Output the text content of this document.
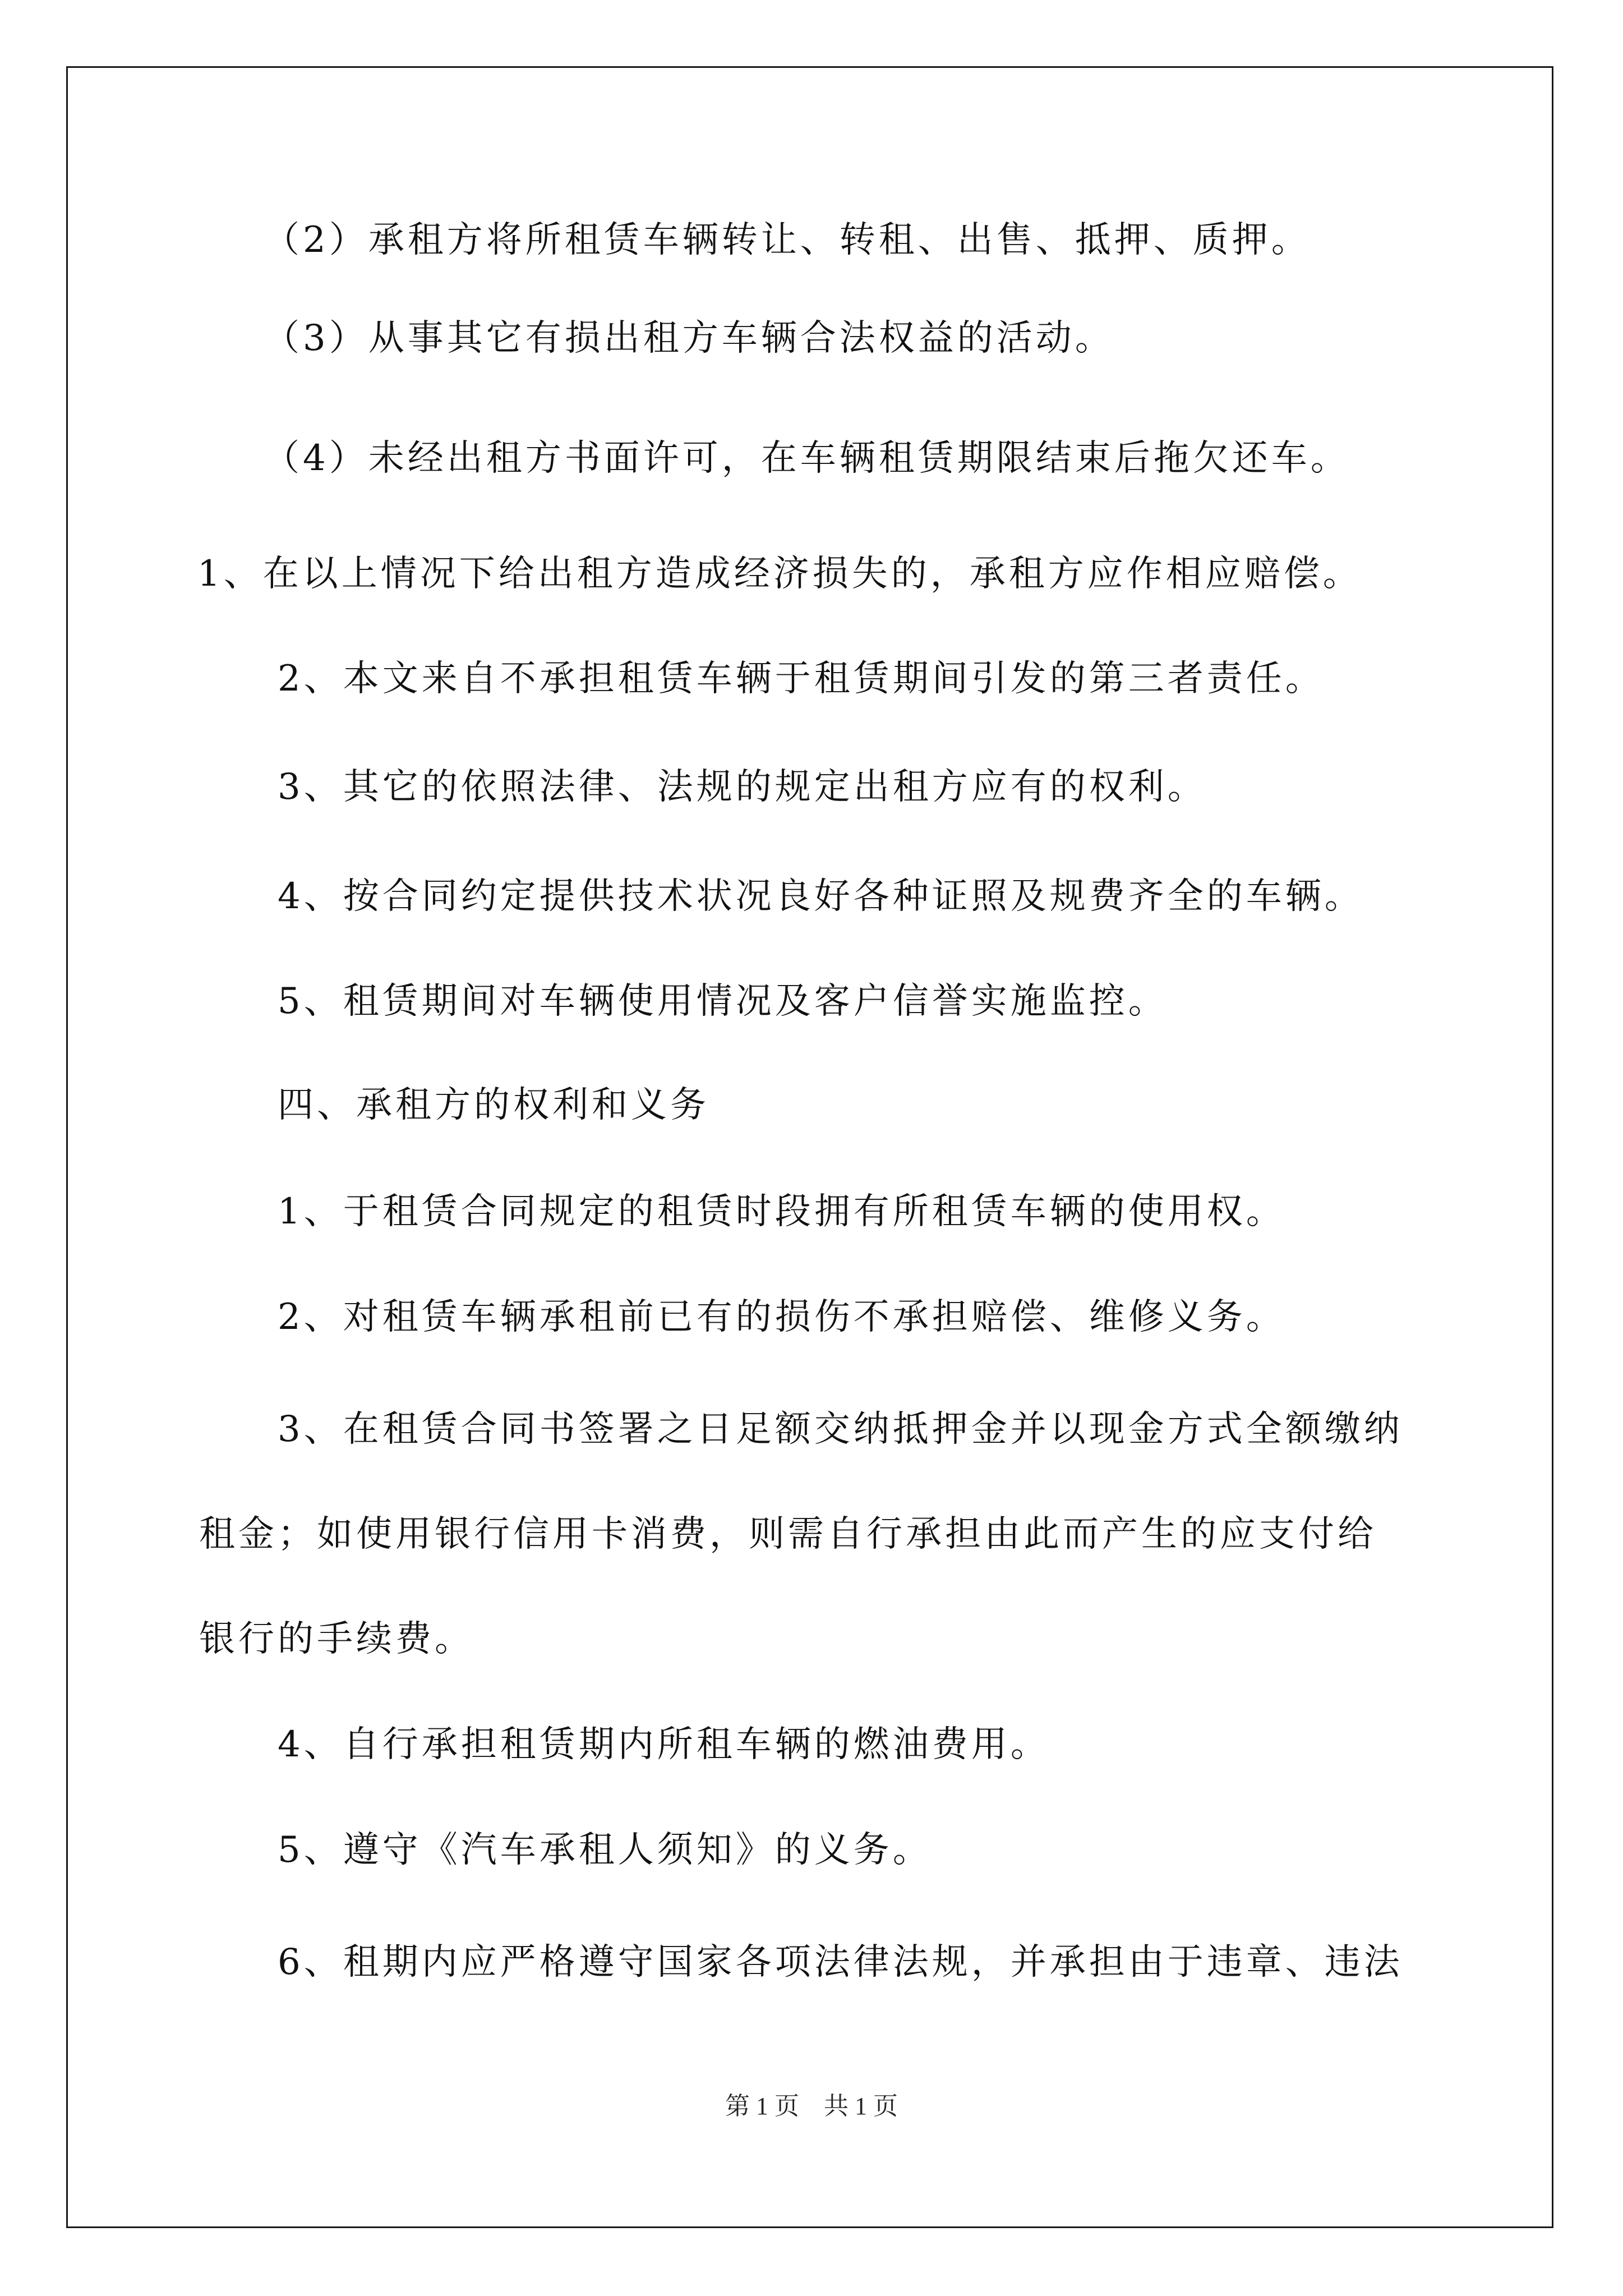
（2）承租方将所租赁车辆转让、转租、出售、抵押、质押。
（3）从事其它有损出租方车辆合法权益的活动。
（4）未经出租方书面许可，在车辆租赁期限结束后拖欠还车。
1、在以上情况下给出租方造成经济损失的，承租方应作相应赔偿。
2、本文来自不承担租赁车辆于租赁期间引发的第三者责任。
3、其它的依照法律、法规的规定出租方应有的权利。
4、按合同约定提供技术状况良好各种证照及规费齐全的车辆。
5、租赁期间对车辆使用情况及客户信誉实施监控。
四、承租方的权利和义务
1、于租赁合同规定的租赁时段拥有所租赁车辆的使用权。
2、对租赁车辆承租前已有的损伤不承担赔偿、维修义务。
3、在租赁合同书签署之日足额交纳抵押金并以现金方式全额缴纳
租金；如使用银行信用卡消费，则需自行承担由此而产生的应支付给
银行的手续费。
4、自行承担租赁期内所租车辆的燃油费用。
5、遵守《汽车承租人须知》的义务。
6、租期内应严格遵守国家各项法律法规，并承担由于违章、违法
第 1 页    共 1 页
